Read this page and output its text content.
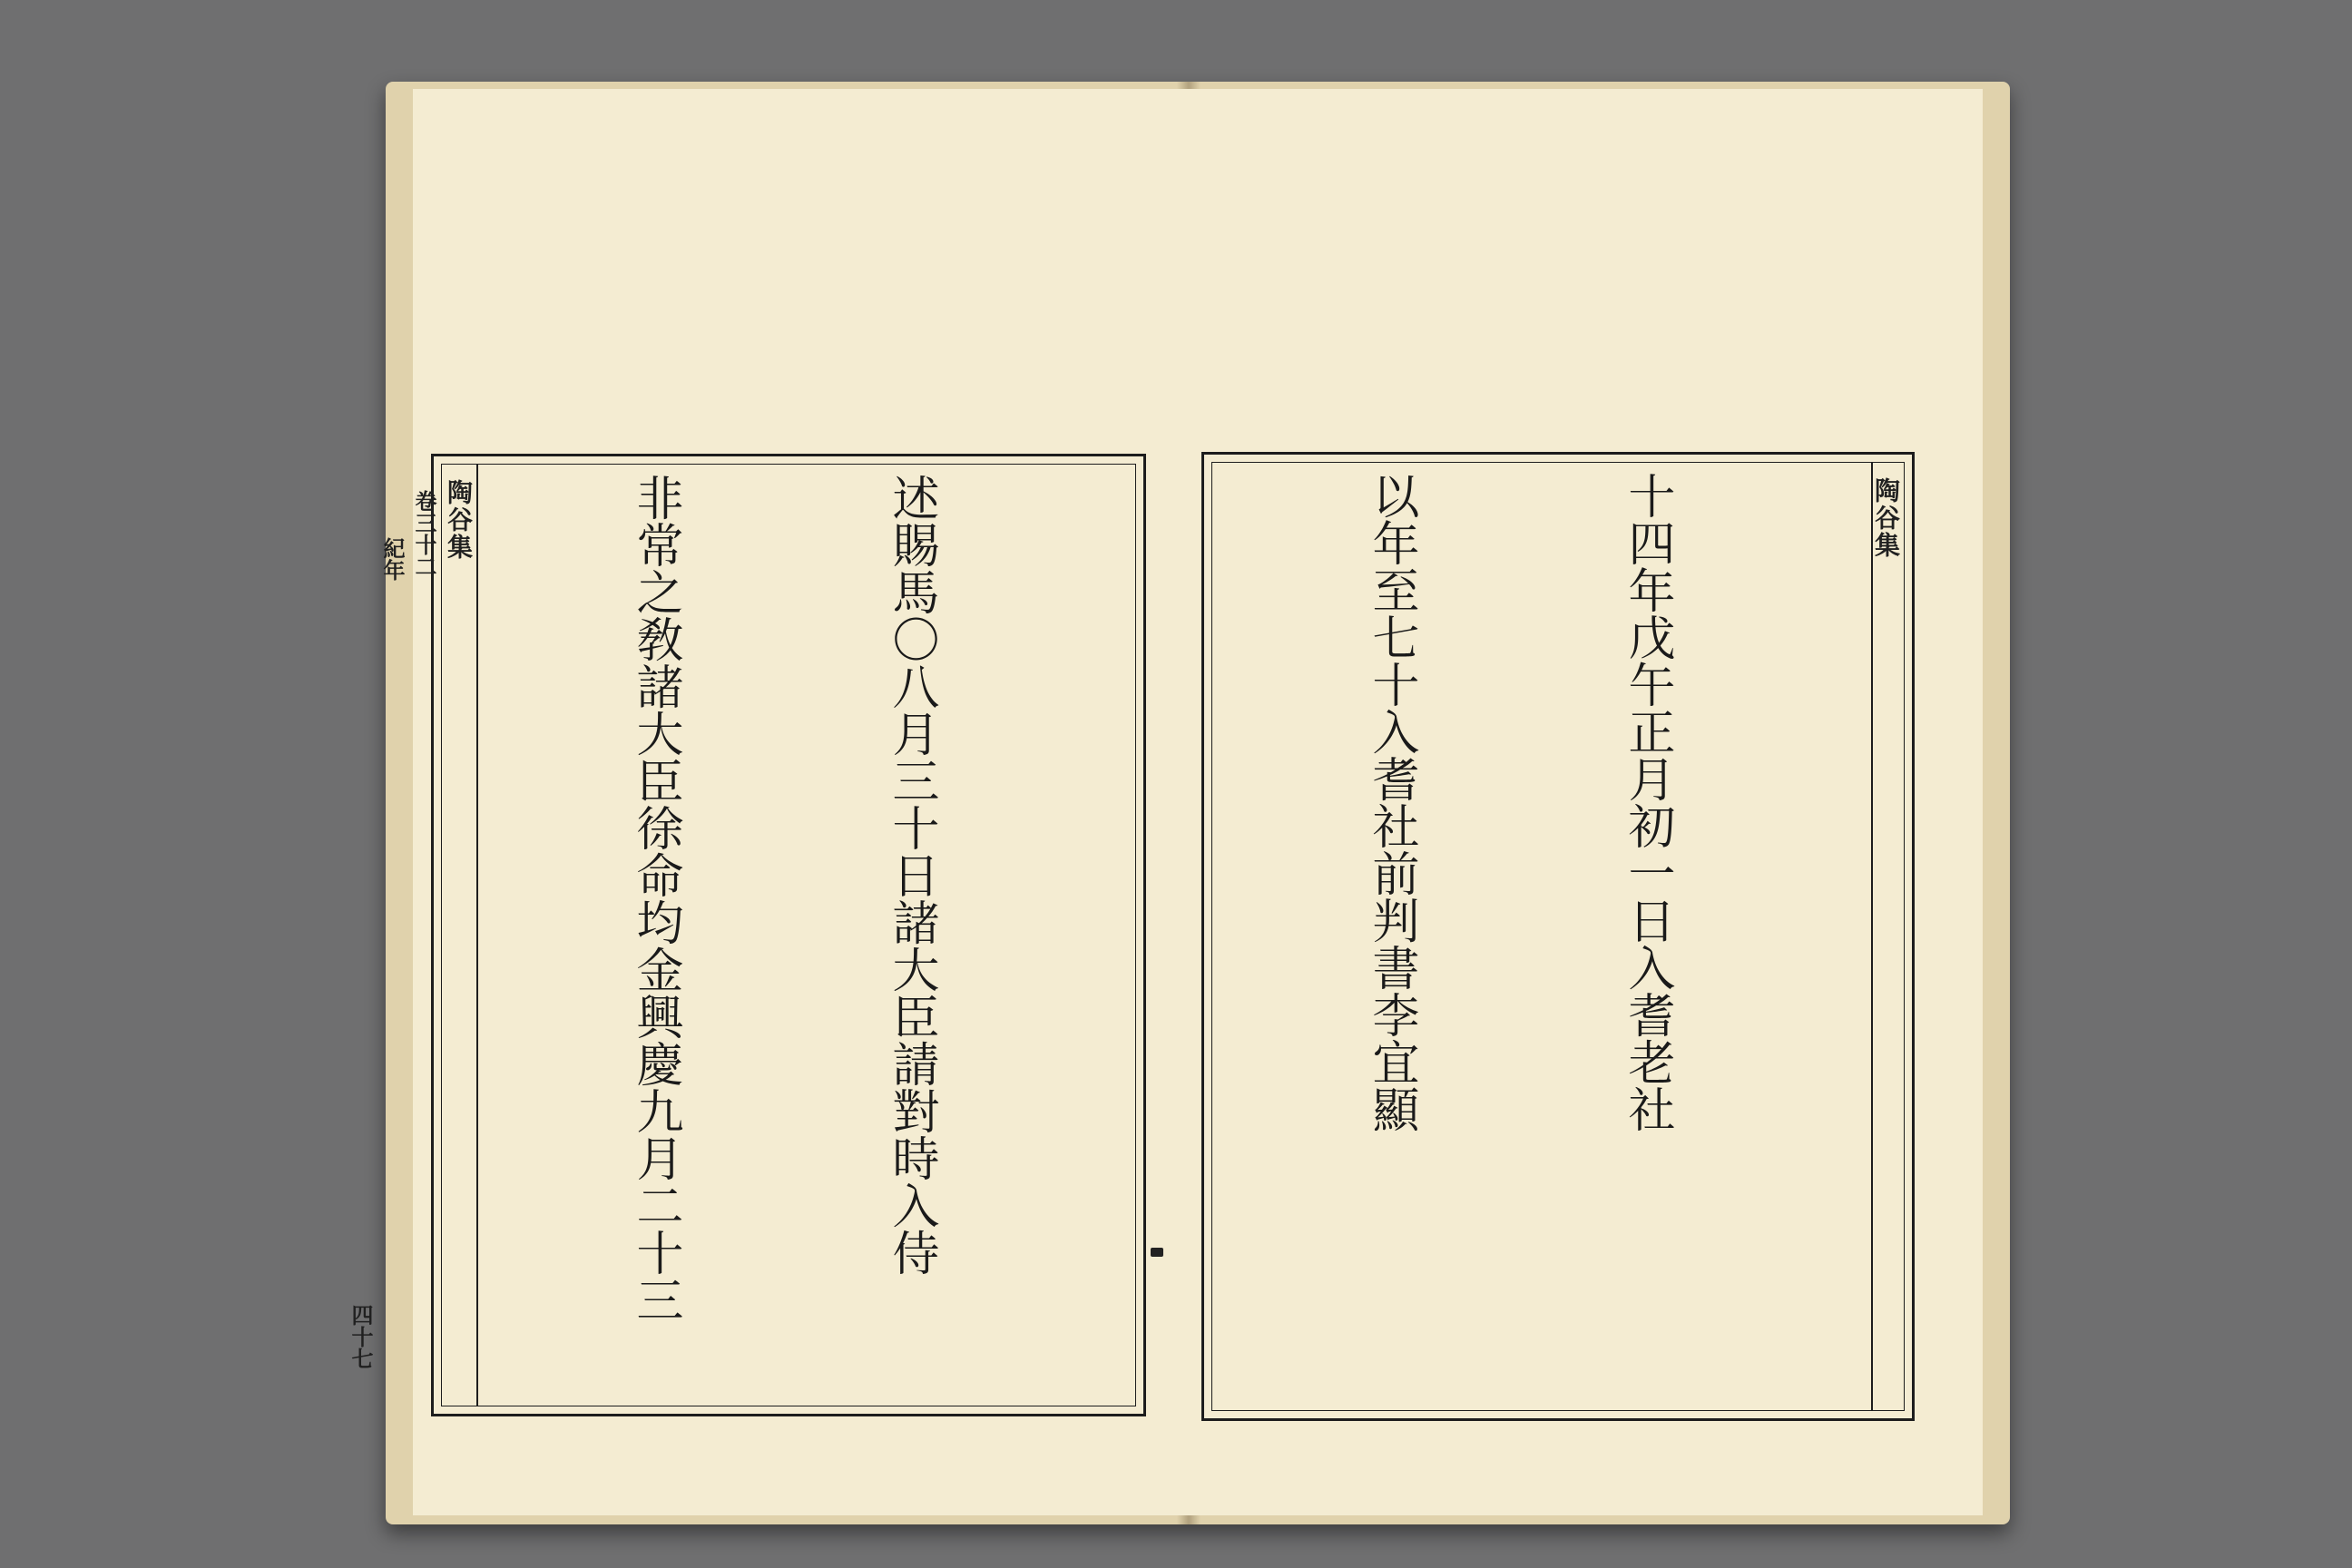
陶谷集
卷三十二
紀年
四十七

述賜馬〇八月三十日諸大臣請對時入侍

非常之敎諸大臣徐命均金興慶九月二十三

	陶谷集

十四年戊午正月初一日入耆老社

以年至七十入耆社前判書李宜顯
